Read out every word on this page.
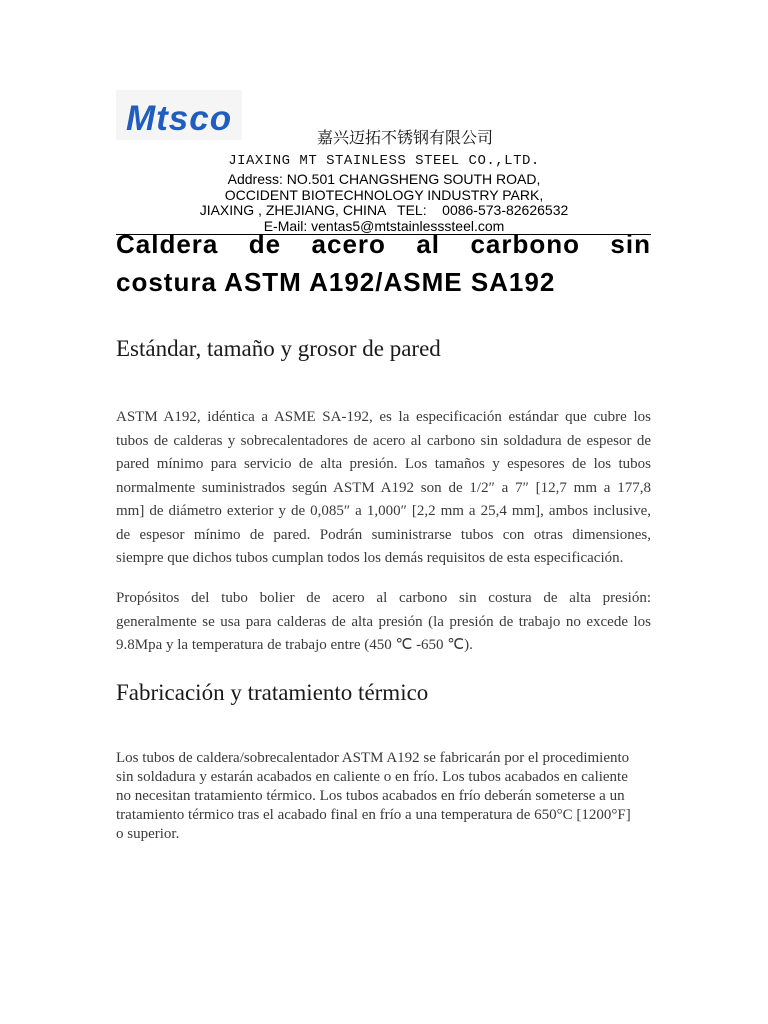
Mtsco	嘉兴迈拓不锈钢有限公司
JIAXING MT STAINLESS STEEL CO.,LTD.
Address: NO.501 CHANGSHENG SOUTH ROAD,
OCCIDENT BIOTECHNOLOGY INDUSTRY PARK,
JIAXING , ZHEJIANG, CHINA   TEL:    0086-573-82626532
E-Mail: ventas5@mtstainlesssteel.com
Caldera de acero al carbono sin
costura ASTM A192/ASME SA192
Estándar, tamaño y grosor de pared
ASTM A192, idéntica a ASME SA-192, es la especificación estándar que cubre los
tubos de calderas y sobrecalentadores de acero al carbono sin soldadura de espesor de
pared mínimo para servicio de alta presión. Los tamaños y espesores de los tubos
normalmente suministrados según ASTM A192 son de 1/2″ a 7″ [12,7 mm a 177,8
mm] de diámetro exterior y de 0,085″ a 1,000″ [2,2 mm a 25,4 mm], ambos inclusive,
de espesor mínimo de pared. Podrán suministrarse tubos con otras dimensiones,
siempre que dichos tubos cumplan todos los demás requisitos de esta especificación.
Propósitos del tubo bolier de acero al carbono sin costura de alta presión:
generalmente se usa para calderas de alta presión (la presión de trabajo no excede los
9.8Mpa y la temperatura de trabajo entre (450 ℃ -650 ℃).
Fabricación y tratamiento térmico
Los tubos de caldera/sobrecalentador ASTM A192 se fabricarán por el procedimiento
sin soldadura y estarán acabados en caliente o en frío. Los tubos acabados en caliente
no necesitan tratamiento térmico. Los tubos acabados en frío deberán someterse a un
tratamiento térmico tras el acabado final en frío a una temperatura de 650°C [1200°F]
o superior.
